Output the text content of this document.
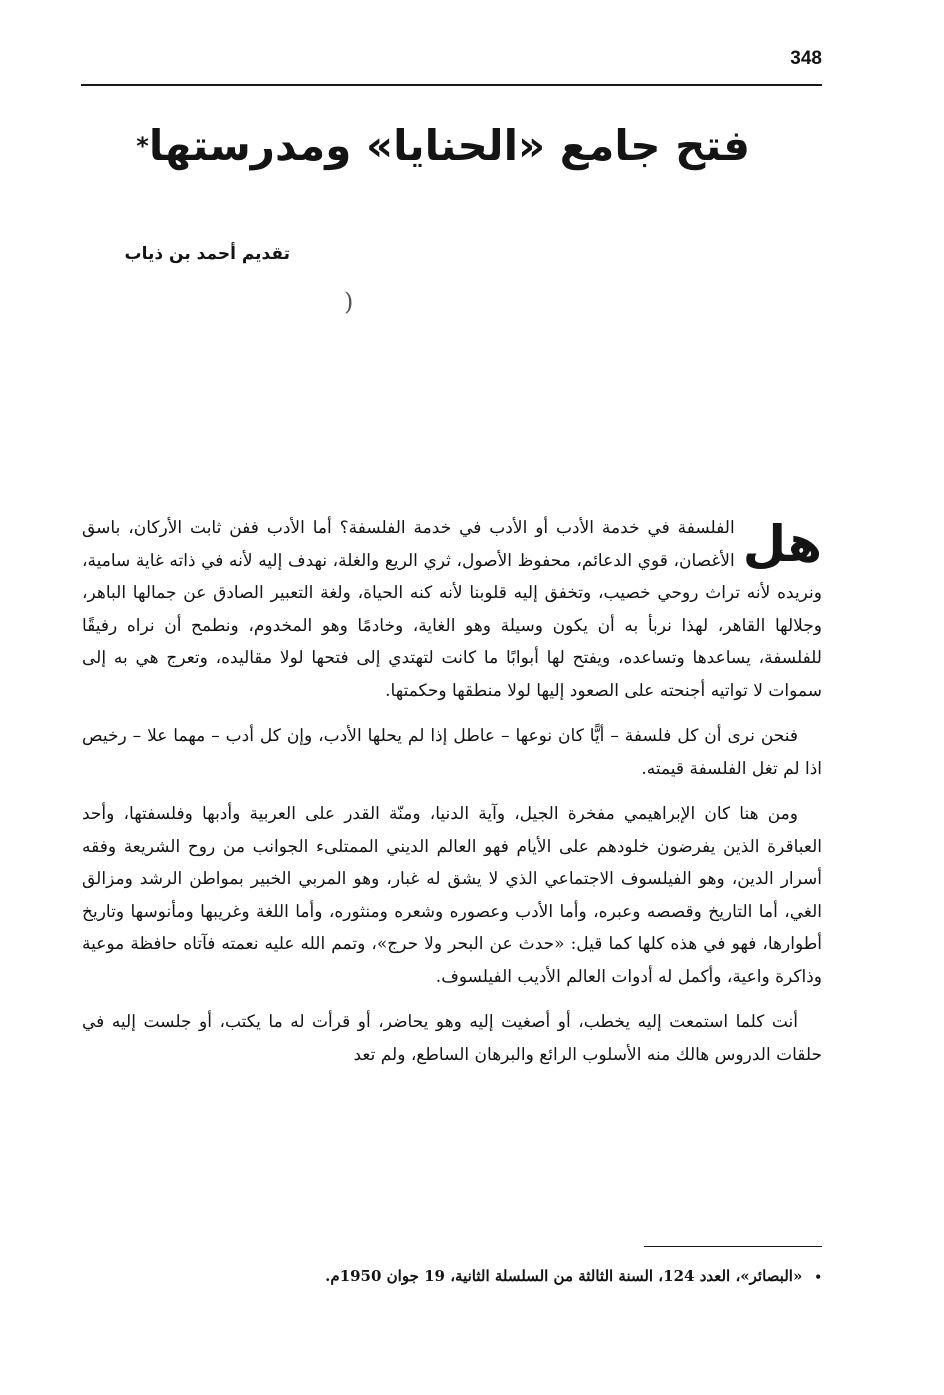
348
فتح جامع «الحنايا» ومدرستها*
تقديم أحمد بن ذياب
)

هل
الفلسفة في خدمة الأدب أو الأدب في خدمة الفلسفة؟ أما الأدب ففن ثابت الأركان، باسق الأغصان، قوي الدعائم، محفوظ الأصول، ثري الريع والغلة، نهدف إليه لأنه في ذاته غاية سامية، ونريده لأنه تراث روحي خصيب، وتخفق إليه قلوبنا لأنه كنه الحياة، ولغة التعبير الصادق عن جمالها الباهر، وجلالها القاهر، لهذا نربأ به أن يكون وسيلة وهو الغاية، وخادمًا وهو المخدوم، ونطمح أن نراه رفيقًا للفلسفة، يساعدها وتساعده، ويفتح لها أبوابًا ما كانت لتهتدي إلى فتحها لولا مقاليده، وتعرج هي به إلى سموات لا تواتيه أجنحته على الصعود إليها لولا منطقها وحكمتها.

فنحن نرى أن كل فلسفة – أيًّا كان نوعها – عاطل إذا لم يحلها الأدب، وإن كل أدب – مهما علا – رخيص اذا لم تغل الفلسفة قيمته.

ومن هنا كان الإبراهيمي مفخرة الجيل، وآية الدنيا، ومنّة القدر على العربية وأدبها وفلسفتها، وأحد العباقرة الذين يفرضون خلودهم على الأيام فهو العالم الديني الممتلىء الجوانب من روح الشريعة وفقه أسرار الدين، وهو الفيلسوف الاجتماعي الذي لا يشق له غبار، وهو المربي الخبير بمواطن الرشد ومزالق الغي، أما التاريخ وقصصه وعبره، وأما الأدب وعصوره وشعره ومنثوره، وأما اللغة وغريبها ومأنوسها وتاريخ أطوارها، فهو في هذه كلها كما قيل: «حدث عن البحر ولا حرج»، وتمم الله عليه نعمته فآتاه حافظة موعية وذاكرة واعية، وأكمل له أدوات العالم الأديب الفيلسوف.

أنت كلما استمعت إليه يخطب، أو أصغيت إليه وهو يحاضر، أو قرأت له ما يكتب، أو جلست إليه في حلقات الدروس هالك منه الأسلوب الرائع والبرهان الساطع، ولم تعد

•«البصائر»، العدد 124، السنة الثالثة من السلسلة الثانية، 19 جوان 1950م.
